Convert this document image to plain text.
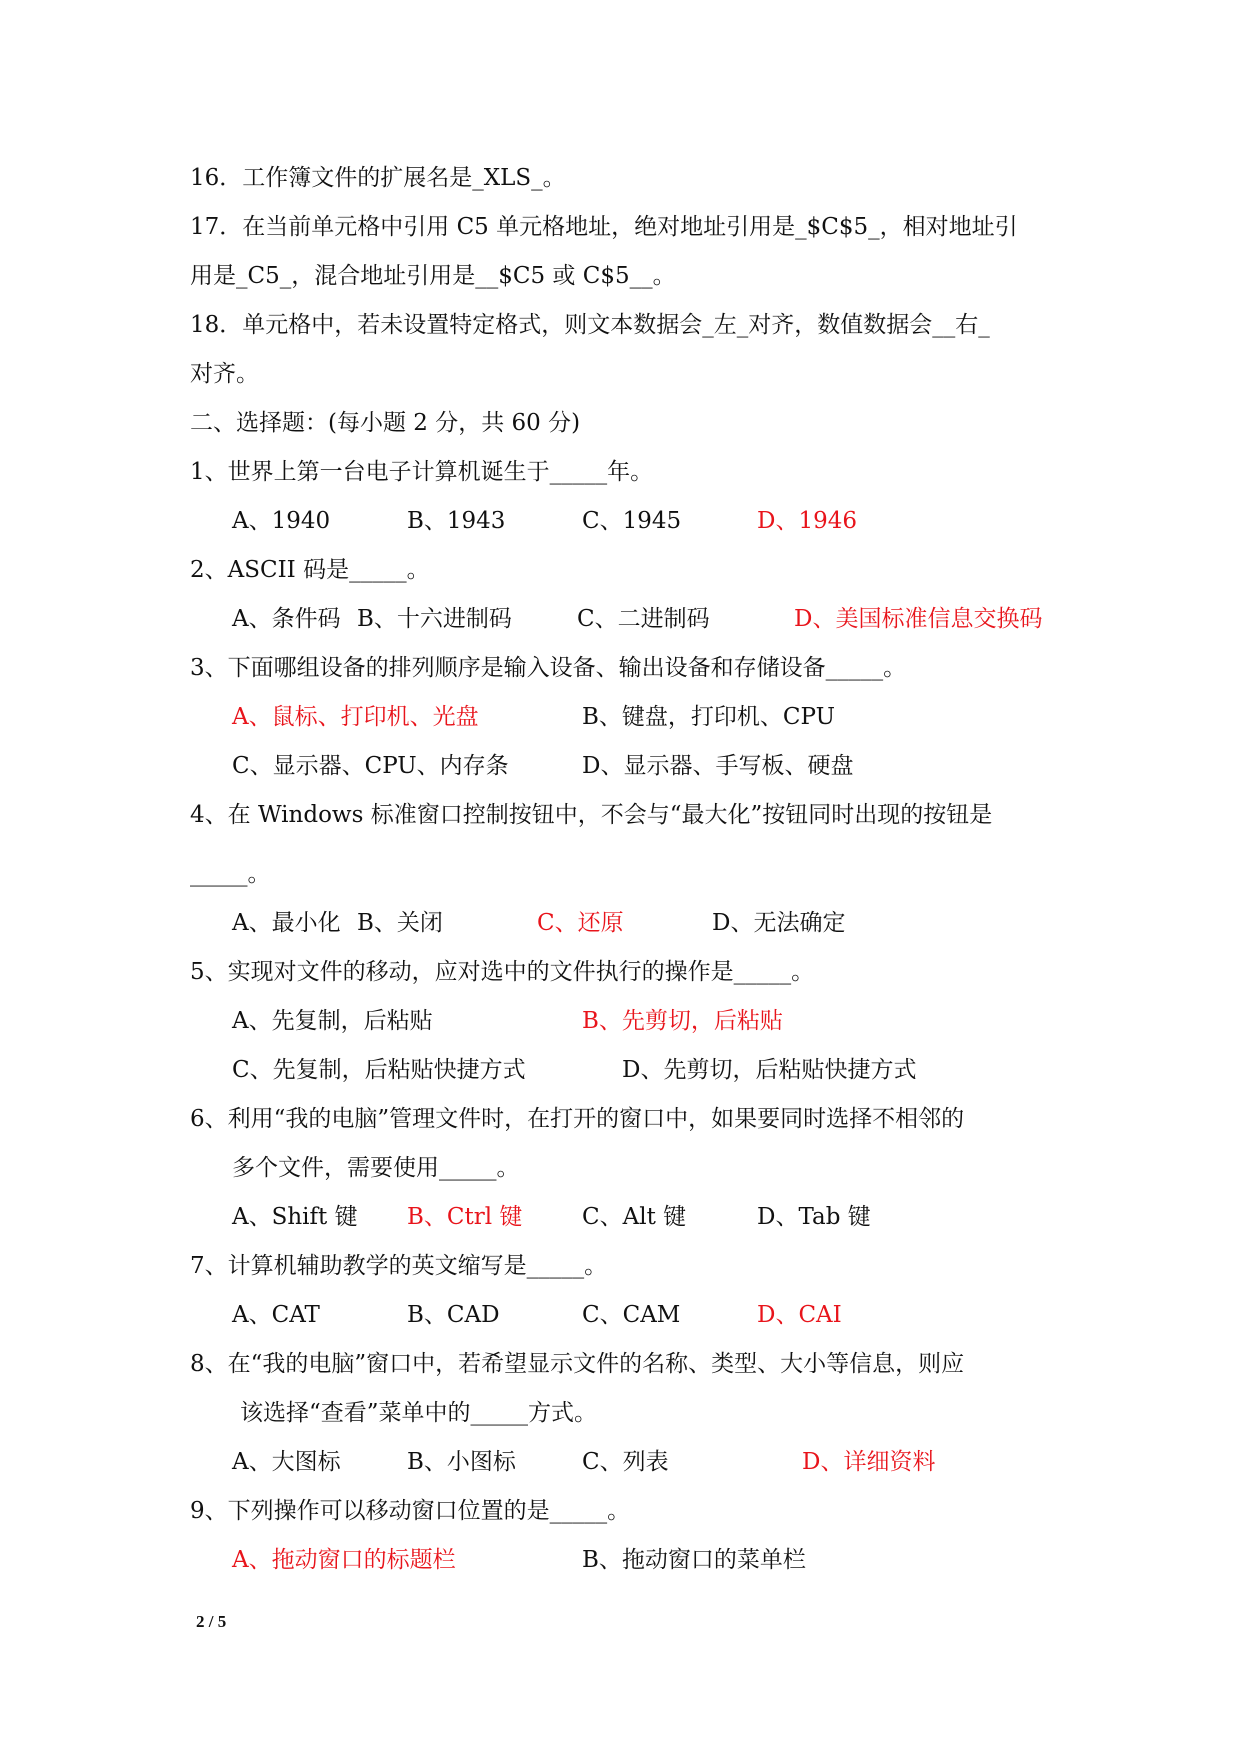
16．工作簿文件的扩展名是_XLS_。
17．在当前单元格中引用 C5 单元格地址，绝对地址引用是_$C$5_，相对地址引
用是_C5_，混合地址引用是__$C5 或 C$5__。
18．单元格中，若未设置特定格式，则文本数据会_左_对齐，数值数据会__右_
对齐。
二、选择题：(每小题 2 分，共 60 分)
1、世界上第一台电子计算机诞生于_____年。
A、1940	B、1943	C、1945	D、1946
2、ASCII 码是_____。
A、条件码 B、十六进制码	C、二进制码	D、美国标准信息交换码
3、下面哪组设备的排列顺序是输入设备、输出设备和存储设备_____。
A、鼠标、打印机、光盘	B、键盘，打印机、CPU
C、显示器、CPU、内存条	D、显示器、手写板、硬盘
4、在 Windows 标准窗口控制按钮中，不会与“最大化”按钮同时出现的按钮是
_____。
A、最小化 B、关闭	C、还原	D、无法确定
5、实现对文件的移动，应对选中的文件执行的操作是_____。
A、先复制，后粘贴	B、先剪切，后粘贴
C、先复制，后粘贴快捷方式	D、先剪切，后粘贴快捷方式
6、利用“我的电脑”管理文件时，在打开的窗口中，如果要同时选择不相邻的
多个文件，需要使用_____。
A、Shift 键 B、Ctrl 键	C、Alt 键	D、Tab 键
7、计算机辅助教学的英文缩写是_____。
A、CAT	B、CAD	C、CAM	D、CAI
8、在“我的电脑”窗口中，若希望显示文件的名称、类型、大小等信息，则应
该选择“查看”菜单中的_____方式。
A、大图标	B、小图标	C、列表	D、详细资料
9、下列操作可以移动窗口位置的是_____。
A、拖动窗口的标题栏	B、拖动窗口的菜单栏
2 / 5
